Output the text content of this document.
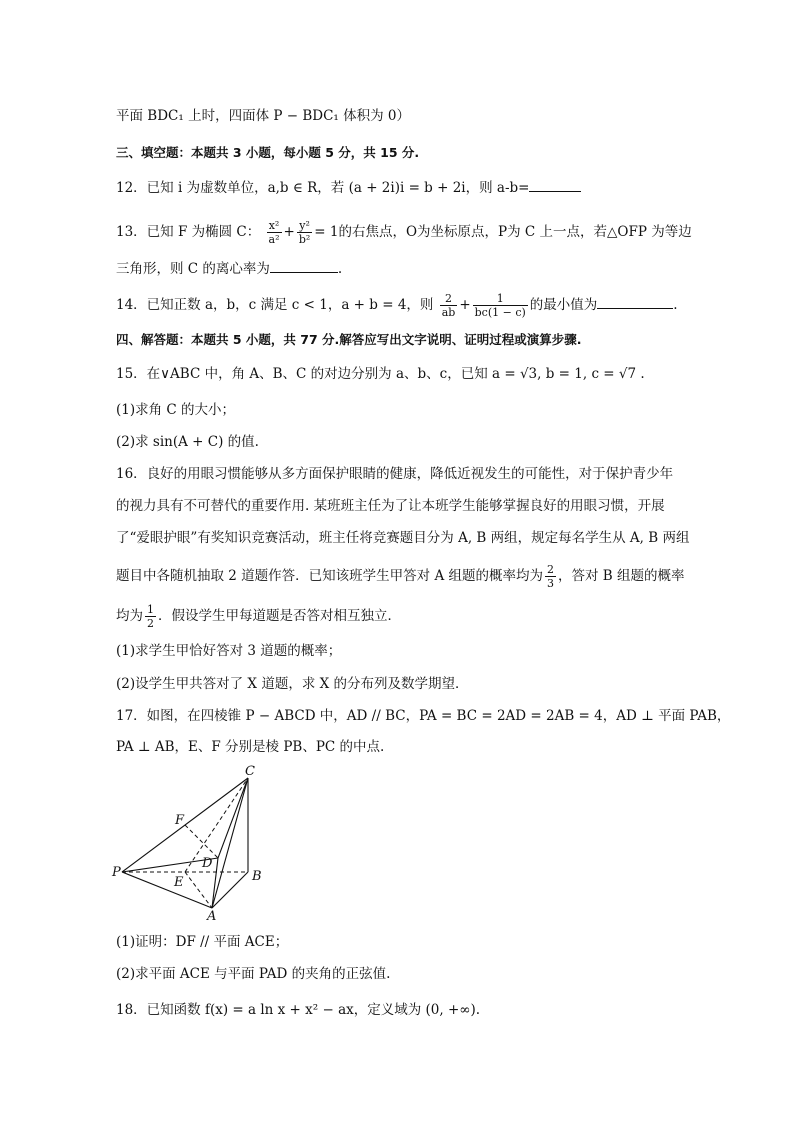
平面 BDC₁ 上时，四面体 P − BDC₁ 体积为 0）
三、填空题：本题共 3 小题，每小题 5 分，共 15 分.
12．已知 i 为虚数单位，a,b ∈ R，若 (a + 2i)i = b + 2i，则 a-b=
13．已知 F 为椭圆 C： $\frac{\text{x²}}{\text{a²}} + \frac{\text{y²}}{\text{b²}} = 1$的右焦点，O为坐标原点，P为 C 上一点，若△OFP 为等边
三角形，则 C 的离心率为	.
14．已知正数 a，b，c 满足 c < 1，a + b = 4，则 $\frac{2}{ab} + \frac{1}{bc(1 - c)}$ 的最小值为	.
四、解答题：本题共 5 小题，共 77 分.解答应写出文字说明、证明过程或演算步骤.
15．在∨ABC 中，角 A、B、C 的对边分别为 a、b、c，已知 a = √3, b = 1, c = √7 .
(1)求角 C 的大小；
(2)求 sin(A + C) 的值.
16．良好的用眼习惯能够从多方面保护眼睛的健康，降低近视发生的可能性，对于保护青少年
的视力具有不可替代的重要作用. 某班班主任为了让本班学生能够掌握良好的用眼习惯，开展
了“爱眼护眼”有奖知识竞赛活动，班主任将竞赛题目分为 A, B 两组，规定每名学生从 A, B 两组
题目中各随机抽取 2 道题作答．已知该班学生甲答对 A 组题的概率均为 $\frac{2}{3}$ ，答对 B 组题的概率
均为 $\frac{1}{2}$ ．假设学生甲每道题是否答对相互独立．
(1)求学生甲恰好答对 3 道题的概率；
(2)设学生甲共答对了 X 道题，求 X 的分布列及数学期望．
17．如图，在四棱锥 P − ABCD 中，AD // BC，PA = BC = 2AD = 2AB = 4，AD ⊥ 平面 PAB，
PA ⊥ AB，E、F 分别是棱 PB、PC 的中点.
C
F
D
P
E	B
A
(1)证明：DF // 平面 ACE；
(2)求平面 ACE 与平面 PAD 的夹角的正弦值.
18．已知函数 f(x) = a ln x + x² − ax，定义域为 (0, +∞).
